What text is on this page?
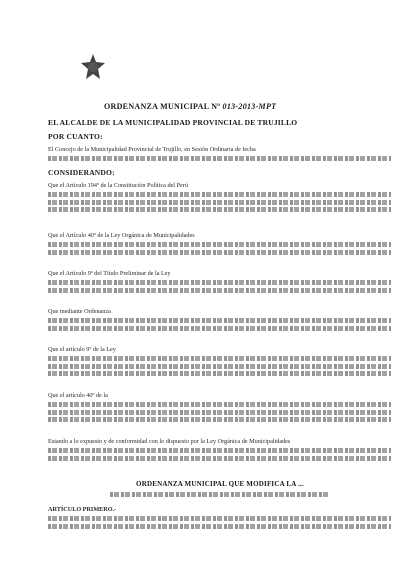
ORDENANZA MUNICIPAL Nº 013-2013-MPT
EL ALCALDE DE LA MUNICIPALIDAD PROVINCIAL DE TRUJILLO
POR CUANTO:
El Concejo de la Municipalidad Provincial de Trujillo, en Sesión Ordinaria de fecha
CONSIDERANDO:
Que el Artículo 194º de la Constitución Política del Perú
Que el Artículo 40º de la Ley Orgánica de Municipalidades
Que el Artículo 9º del Título Preliminar de la Ley
Que mediante Ordenanza
Que el artículo 9º de la Ley
Que el artículo 40º de la
Estando a lo expuesto y de conformidad con lo dispuesto por la Ley Orgánica de Municipalidades
ORDENANZA MUNICIPAL QUE MODIFICA LA ...
ARTÍCULO PRIMERO.-
